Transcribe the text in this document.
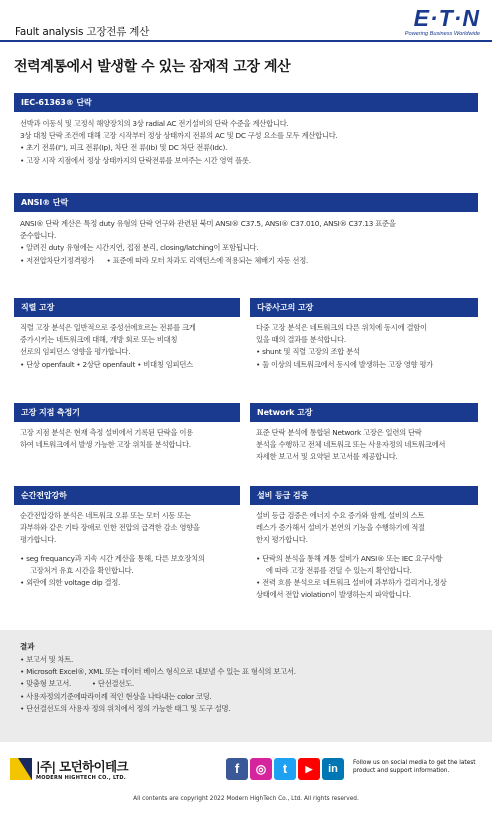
Fault analysis 고장전류 계산
E·T·N
Powering Business Worldwide
전력계통에서 발생할 수 있는 잠재적 고장 계산
IEC-61363® 단락

선박과 이동식 및 고정식 해양장치의 3상 radial AC 전기설비의 단락 수준을 계산합니다.

3상 대칭 단락 조건에 대해 고장 시작부터 정상 상태까지 전류의 AC 및 DC 구성 요소를 모두 계산합니다.

• 초기 전류(I"), 피크 전류(Ip), 차단 전 류(Ib) 및 DC 차단 전류(Idc).

• 고장 시작 지점에서 정상 상태까지의 단락전류를 보여주는 시간 영역 플롯.

ANSI® 단락

ANSI® 단락 계산은 특정 duty 유형의 단락 연구와 관련된 북미 ANSI® C37.5, ANSI® C37.010, ANSI® C37.13 표준을

준수합니다.

• 알려진 duty 유형에는 시간지연, 접점 분리, closing/latching이 포함됩니다.

• 저전압차단기정격평가 • 표준에 따라 모터 차과도 리액턴스에 적용되는 체배기 자동 선정.

직렬 고장

직렬 고장 분석은 일반적으로 중성선에흐르는 전류를 크게

증가시키는 네트워크에 대해, 개방 회로 또는 비대칭

선로의 임피던스 영향을 평가합니다.

• 단상 openfault • 2상단 openfault • 비대칭 임피던스

다중사고의 고장

다중 고장 분석은 네트워크의 다른 위치에 동시에 결함이

있을 때의 결과를 분석합니다.

• shunt 및 직렬 고장의 조합 분석

• 둘 이상의 네트워크에서 동시에 발생하는 고장 영향 평가

고장 지점 측정기

고장 지점 분석은 현재 측정 설비에서 기록된 단락을 이용

하여 네트워크에서 발생 가능한 고장 위치를 분석합니다.

Network 고장

표준 단락 분석에 통합된 Network 고장은 일련의 단락

분석을 수행하고 전체 네트워크 또는 사용자정의 네트워크에서

자세한 보고서 및 요약된 보고서를 제공합니다.

순간전압강하

순간전압강하 분석은 네트워크 오류 또는 모터 시동 또는

과부하와 같은 기타 장애로 인한 전압의 급격한 감소 영향을

평가합니다.

• seg frequancy과 지속 시간 계산을 통해, 다른 보호장치의

고장처거 유효 시간을 확인합니다.

• 외란에 의한 voltage dip 결정.

설비 등급 검증

설비 등급 검증은 에너지 수요 증가와 함께, 설비의 스트

레스가 증가해서 설비가 본연의 기능을 수행하기에 적절

한지 평가합니다.

• 단락의 분석을 통해 계통 설비가 ANSI® 또는 IEC 요구사항

에 따라 고장 전류를 견딜 수 있는지 확인합니다.

• 전력 흐름 분석으로 네트워크 설비에 과부하가 걸리거나,정상

상태에서 전압 violation이 발생하는지 파악합니다.

결과

• 보고서 및 차트.

• Microsoft Excel®, XML 또는 데이터 베이스 형식으로 내보낼 수 있는 표 형식의 보고서.

• 맞춤형 보고서.	• 단선결선도.

• 사용자정의기준에따라이례 적인 현상을 나타내는 color 코딩.

• 단선결선도의 사용자 정의 위치에서 정의 가능한 태그 및 도구 설명.

|주| 모던하이테크
MODERN HIGHTECH CO., LTD.
f	◎	t	▶	in	Follow us on social media to get the latest product and support information.
All contents are copyright 2022 Modern HighTech Co., Ltd. All rights reserved.
